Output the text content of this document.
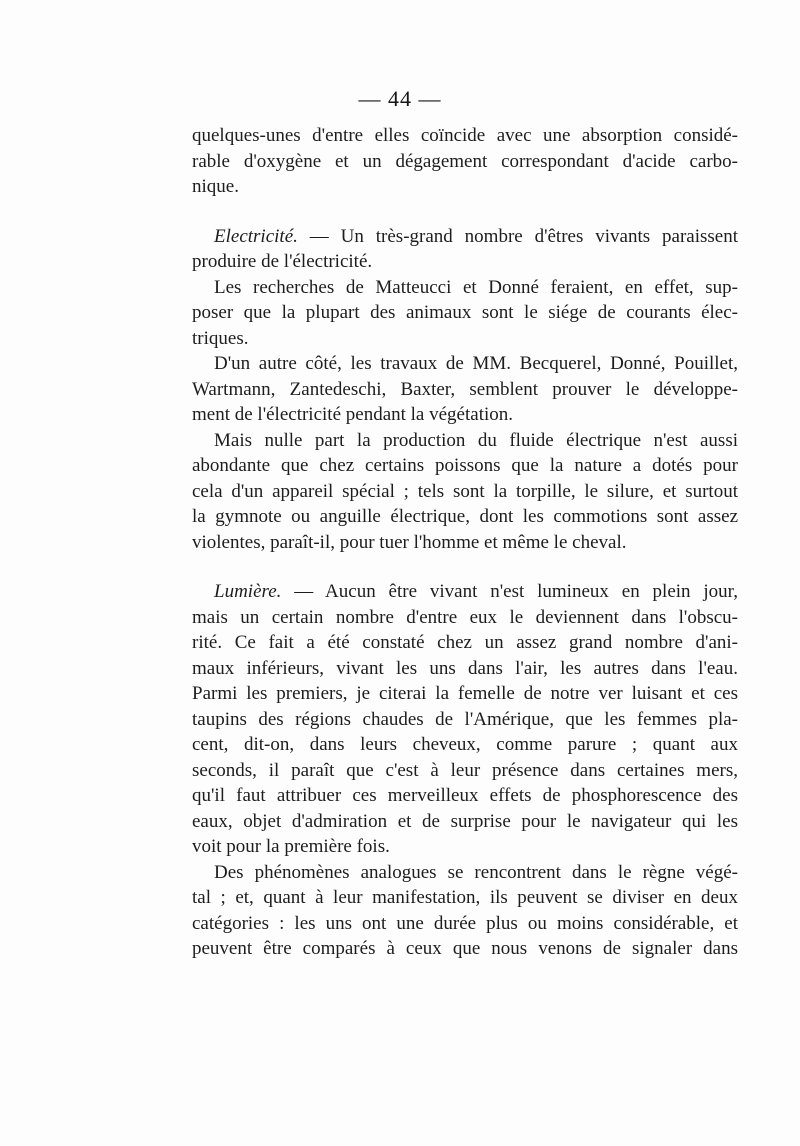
— 44 —
quelques-unes d'entre elles coïncide avec une absorption considé-
rable d'oxygène et un dégagement correspondant d'acide carbo-
nique.
Electricité. — Un très-grand nombre d'êtres vivants paraissent
produire de l'électricité.
Les recherches de Matteucci et Donné feraient, en effet, sup-
poser que la plupart des animaux sont le siége de courants élec-
triques.
D'un autre côté, les travaux de MM. Becquerel, Donné, Pouillet,
Wartmann, Zantedeschi, Baxter, semblent prouver le développe-
ment de l'électricité pendant la végétation.
Mais nulle part la production du fluide électrique n'est aussi
abondante que chez certains poissons que la nature a dotés pour
cela d'un appareil spécial ; tels sont la torpille, le silure, et surtout
la gymnote ou anguille électrique, dont les commotions sont assez
violentes, paraît-il, pour tuer l'homme et même le cheval.
Lumière. — Aucun être vivant n'est lumineux en plein jour,
mais un certain nombre d'entre eux le deviennent dans l'obscu-
rité. Ce fait a été constaté chez un assez grand nombre d'ani-
maux inférieurs, vivant les uns dans l'air, les autres dans l'eau.
Parmi les premiers, je citerai la femelle de notre ver luisant et ces
taupins des régions chaudes de l'Amérique, que les femmes pla-
cent, dit-on, dans leurs cheveux, comme parure ; quant aux
seconds, il paraît que c'est à leur présence dans certaines mers,
qu'il faut attribuer ces merveilleux effets de phosphorescence des
eaux, objet d'admiration et de surprise pour le navigateur qui les
voit pour la première fois.
Des phénomènes analogues se rencontrent dans le règne végé-
tal ; et, quant à leur manifestation, ils peuvent se diviser en deux
catégories : les uns ont une durée plus ou moins considérable, et
peuvent être comparés à ceux que nous venons de signaler dans
